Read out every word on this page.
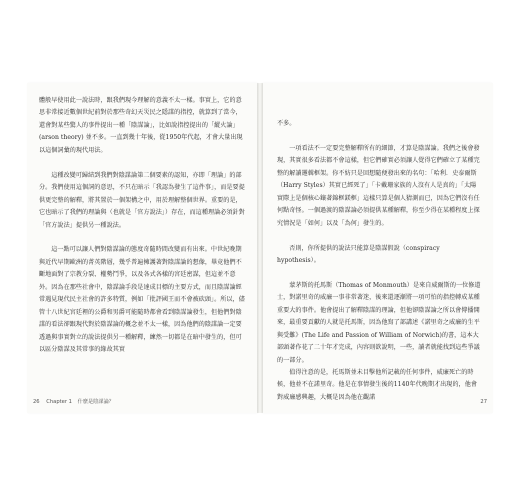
體般早使用此一說法時，跟我們現今理解的意義不太一樣。事實上，它的意思非常接近數個世紀前對於那些奇幻天災民之隱謀的指控，就算到了當今，還會對某些驚人的事件提出一種「陰謀論」，比如說指控提出的「縱火論」(arson theory) 並不多。一直到幾十年後，從1950年代起，才會大量出現以這個詞彙的現代用法。

這種改變可歸結到我們對陰謀論第二個要素的認知，亦即「理論」的部分。我們使用這個詞的意思，不只在暗示「我認為發生了這件事」，而是要提供更完整的解釋，將其置於一個架構之中，用於理解整個世界。重要的是，它也暗示了我們的理論與（也就是「官方說法」）存在，而這種理論必須針對「官方說法」提供另一種說法。

這一點可以讓人們對陰謀論的態度奇隨時間改變而有出來。中世紀晚期與近代早期歐洲的菁英階層，幾乎普遍擁護著對陰謀論的想像，畢竟他們不斷地面對了宗教分裂、權勢鬥爭，以及各式各樣的宮廷密謀，但這並不意外。因為在那些社會中，陰謀論手段是達成目標的主要方式，而且陰謀論經常遇見現代民主社會的許多特質，例如「批評國王而不會被砍頭」。所以，儘管十八世紀宮廷裡的公爵和男爵可能隨時都會看到陰謀論發生，但他們對陰謀的看法卻跟現代對於陰謀論的概念並不太一樣，因為他們的陰謀論一定要透過與事實對立的說法提供另一種解釋，練然一切都是在暗中發生的，但可以區分陰謀及其常事的緣故其實

26 Chapter 1 什麼是陰謀論？

不多。

一項看法不一定要完整解釋所有的細節，才算是陰謀論。我們之後會發現，其實很多看法都不會這樣，但它們確實必須讓人覺得它們確立了某種完整的解讀邏輯框架。你不妨只是回想隨便發出來的名句：「哈利．史泰爾斯（Harry Styles）其實已經死了」「卡戴珊家族的人沒有人是真的」「太陽實際上是個核心鑲著錦框鎂框」這樣只算是個人猜測而已，因為它們沒有任何點奇怪。一個過渡的陰謀論必須提供某種解釋，你至少得在某種程度上探究情況是「如何」以及「為何」發生的。

否則，你所提供的說法只能算是陰謀假說（conspiracy hypothesis）。

蒙茅斯的托馬斯（Thomas of Monmouth）是來自威爾斯的一位修道士，對諾里奇的威廉一事非常著迷，後來還逐漸將一項可怕的指控轉成某種重要大的事件。他會提出了解釋陰謀的理論，但他卻陰謀論之所以會傳播開來，最重要貢獻的人就是托馬斯，因為他寫了部講述《諾里奇之威廉的生平與受難》(The Life and Passion of William of Norwich)的書，這本大部頭著作花了二十年才完成，內容則欲說明，一些，讀者就能找到這些爭議的一部分。

值得注意的是，托馬斯並未目擊他所記載的任何事件，威廉死亡的時候，他並不在諾里奇。他是在事情發生後的1140年代晚期才出現的，他會對威廉感興趣，大概是因為他在觀諾

27
